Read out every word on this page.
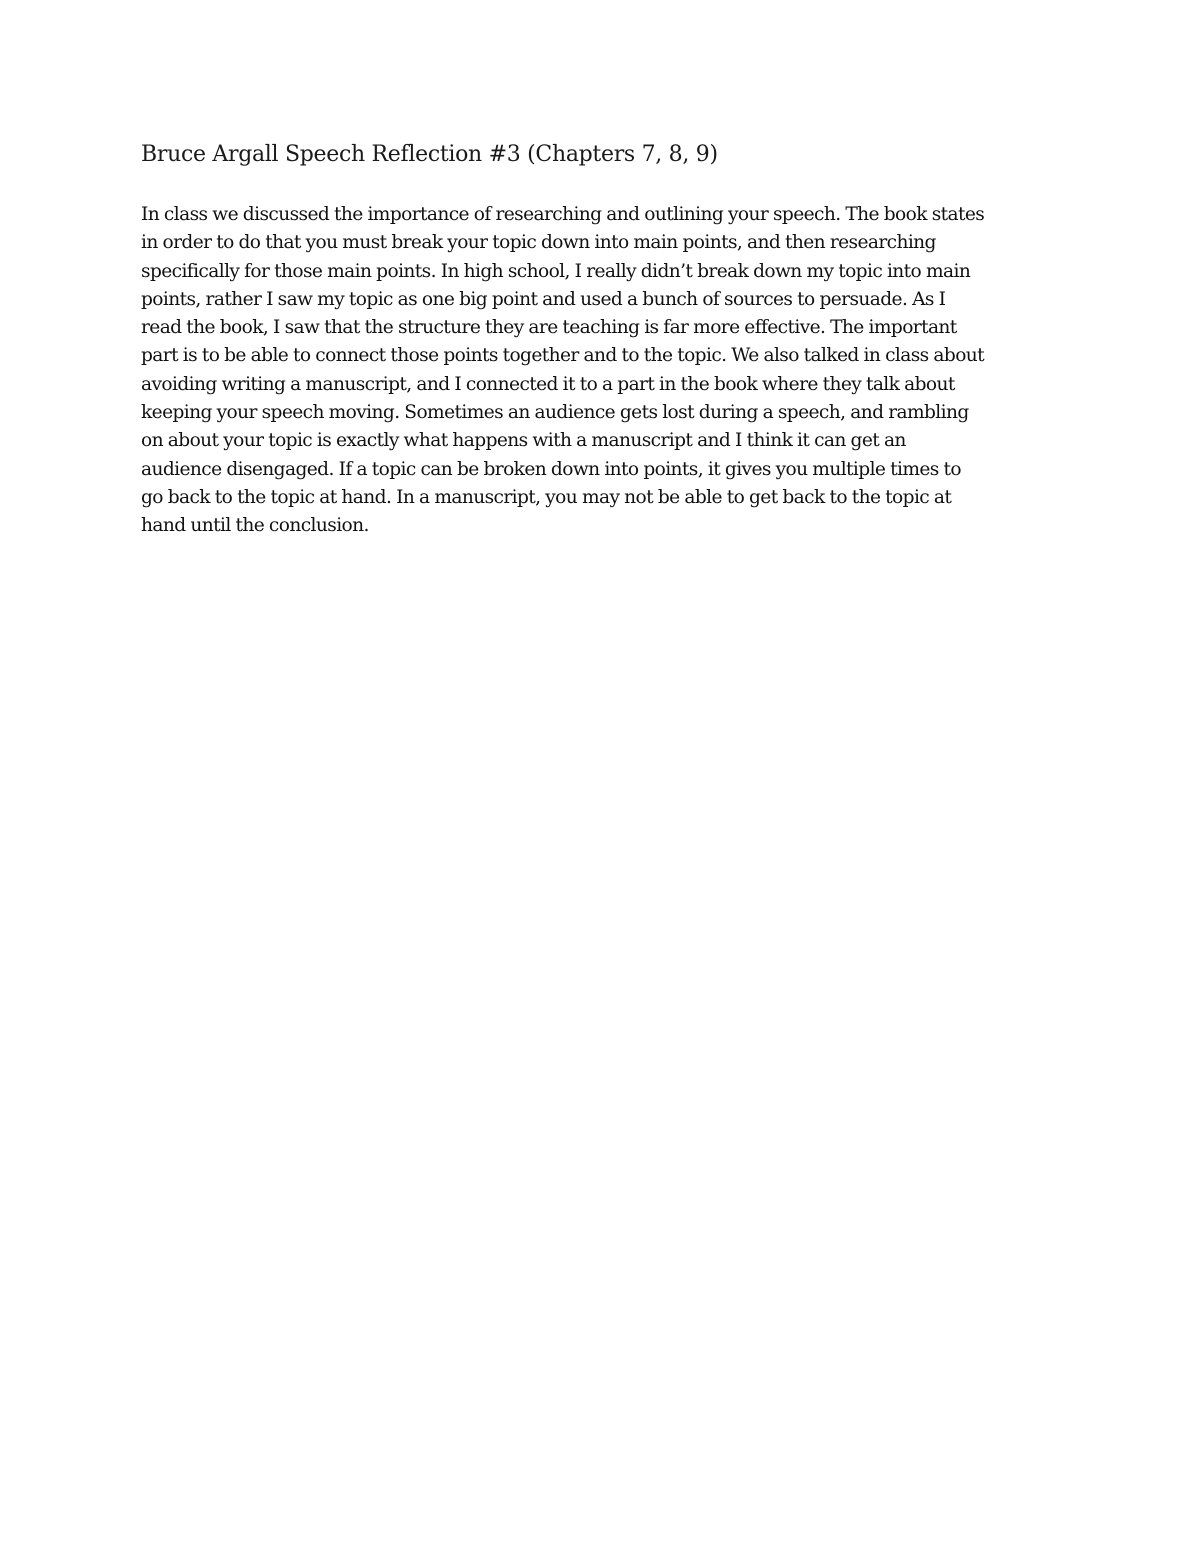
Bruce Argall Speech Reflection #3 (Chapters 7, 8, 9)
In class we discussed the importance of researching and outlining your speech. The book states
in order to do that you must break your topic down into main points, and then researching
specifically for those main points. In high school, I really didn’t break down my topic into main
points, rather I saw my topic as one big point and used a bunch of sources to persuade. As I
read the book, I saw that the structure they are teaching is far more effective. The important
part is to be able to connect those points together and to the topic. We also talked in class about
avoiding writing a manuscript, and I connected it to a part in the book where they talk about
keeping your speech moving. Sometimes an audience gets lost during a speech, and rambling
on about your topic is exactly what happens with a manuscript and I think it can get an
audience disengaged. If a topic can be broken down into points, it gives you multiple times to
go back to the topic at hand. In a manuscript, you may not be able to get back to the topic at
hand until the conclusion.
